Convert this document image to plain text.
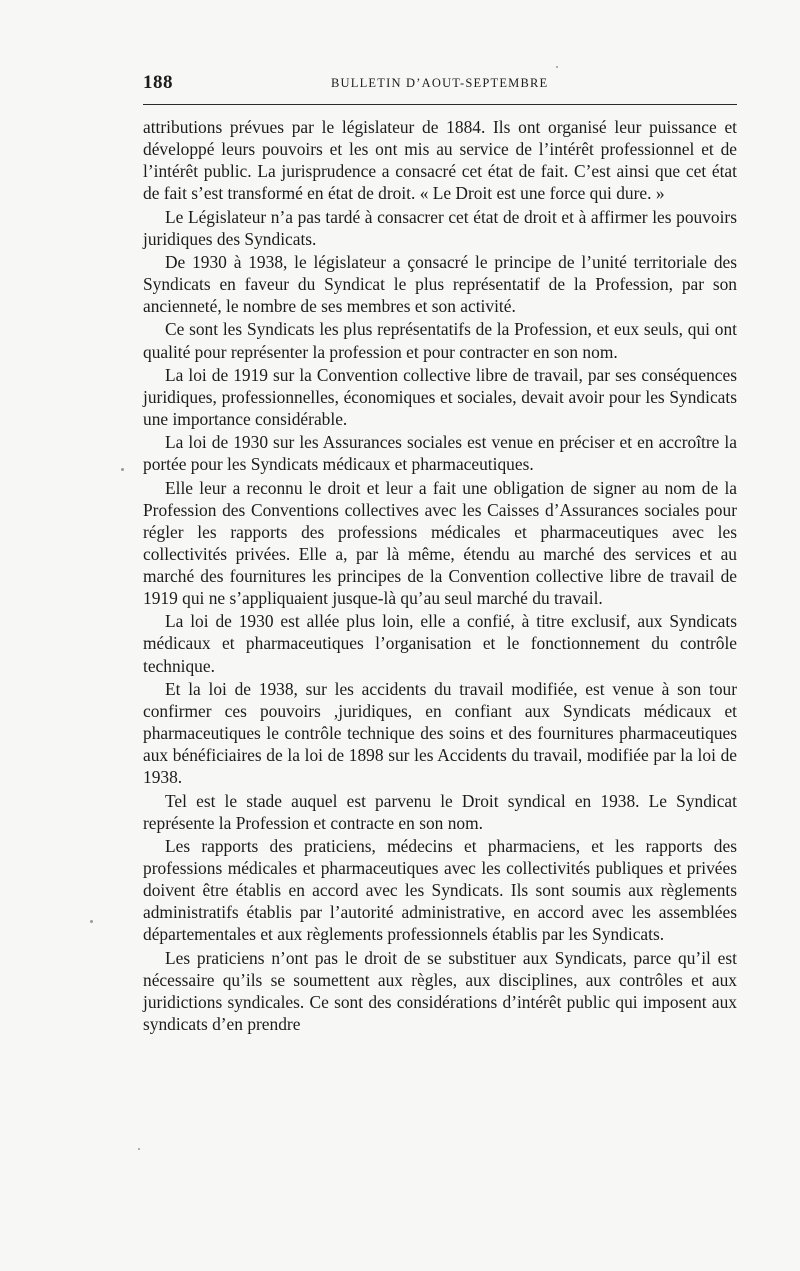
188	BULLETIN D’AOUT-SEPTEMBRE

attributions prévues par le législateur de 1884. Ils ont organisé leur puissance et développé leurs pouvoirs et les ont mis au service de l’intérêt professionnel et de l’intérêt public. La jurisprudence a consacré cet état de fait. C’est ainsi que cet état de fait s’est transformé en état de droit. « Le Droit est une force qui dure. »

Le Législateur n’a pas tardé à consacrer cet état de droit et à affirmer les pouvoirs juridiques des Syndicats.

De 1930 à 1938, le législateur a çonsacré le principe de l’unité territoriale des Syndicats en faveur du Syndicat le plus représentatif de la Profession, par son ancienneté, le nombre de ses membres et son activité.

Ce sont les Syndicats les plus représentatifs de la Profession, et eux seuls, qui ont qualité pour représenter la profession et pour contracter en son nom.

La loi de 1919 sur la Convention collective libre de travail, par ses conséquences juridiques, professionnelles, économiques et sociales, devait avoir pour les Syndicats une importance considérable.

La loi de 1930 sur les Assurances sociales est venue en préciser et en accroître la portée pour les Syndicats médicaux et pharmaceutiques.

Elle leur a reconnu le droit et leur a fait une obligation de signer au nom de la Profession des Conventions collectives avec les Caisses d’Assurances sociales pour régler les rapports des professions médicales et pharmaceutiques avec les collectivités privées. Elle a, par là même, étendu au marché des services et au marché des fournitures les principes de la Convention collective libre de travail de 1919 qui ne s’appliquaient jusque-là qu’au seul marché du travail.

La loi de 1930 est allée plus loin, elle a confié, à titre exclusif, aux Syndicats médicaux et pharmaceutiques l’organisation et le fonctionnement du contrôle technique.

Et la loi de 1938, sur les accidents du travail modifiée, est venue à son tour confirmer ces pouvoirs ,juridiques, en confiant aux Syndicats médicaux et pharmaceutiques le contrôle technique des soins et des fournitures pharmaceutiques aux bénéficiaires de la loi de 1898 sur les Accidents du travail, modifiée par la loi de 1938.

Tel est le stade auquel est parvenu le Droit syndical en 1938. Le Syndicat représente la Profession et contracte en son nom.

Les rapports des praticiens, médecins et pharmaciens, et les rapports des professions médicales et pharmaceutiques avec les collectivités publiques et privées doivent être établis en accord avec les Syndicats. Ils sont soumis aux règlements administratifs établis par l’autorité administrative, en accord avec les assemblées départementales et aux règlements professionnels établis par les Syndicats.

Les praticiens n’ont pas le droit de se substituer aux Syndicats, parce qu’il est nécessaire qu’ils se soumettent aux règles, aux disciplines, aux contrôles et aux juridictions syndicales. Ce sont des considérations d’intérêt public qui imposent aux syndicats d’en prendre
